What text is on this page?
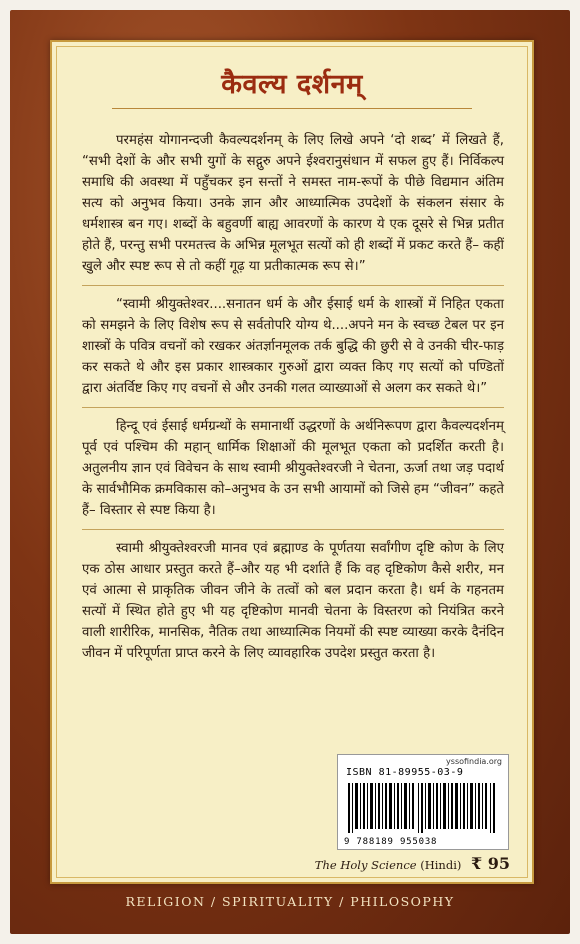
कैवल्य दर्शनम्

परमहंस योगानन्दजी कैवल्यदर्शनम् के लिए लिखे अपने ‘दो शब्द’ में लिखते हैं, “सभी देशों के और सभी युगों के सद्गुरु अपने ईश्वरानुसंधान में सफल हुए हैं। निर्विकल्प समाधि की अवस्था में पहुँचकर इन सन्तों ने समस्त नाम-रूपों के पीछे विद्यमान अंतिम सत्य को अनुभव किया। उनके ज्ञान और आध्यात्मिक उपदेशों के संकलन संसार के धर्मशास्त्र बन गए। शब्दों के बहुवर्णी बाह्य आवरणों के कारण ये एक दूसरे से भिन्न प्रतीत होते हैं, परन्तु सभी परमतत्त्व के अभिन्न मूलभूत सत्यों को ही शब्दों में प्रकट करते हैं– कहीं खुले और स्पष्ट रूप से तो कहीं गूढ़ या प्रतीकात्मक रूप से।”

“स्वामी श्रीयुक्तेश्वर....सनातन धर्म के और ईसाई धर्म के शास्त्रों में निहित एकता को समझने के लिए विशेष रूप से सर्वतोपरि योग्य थे....अपने मन के स्वच्छ टेबल पर इन शास्त्रों के पवित्र वचनों को रखकर अंतर्ज्ञानमूलक तर्क बुद्धि की छुरी से वे उनकी चीर-फाड़ कर सकते थे और इस प्रकार शास्त्रकार गुरुओं द्वारा व्यक्त किए गए सत्यों को पण्डितों द्वारा अंतर्विष्ट किए गए वचनों से और उनकी गलत व्याख्याओं से अलग कर सकते थे।”

हिन्दू एवं ईसाई धर्मग्रन्थों के समानार्थी उद्धरणों के अर्थनिरूपण द्वारा कैवल्यदर्शनम् पूर्व एवं पश्चिम की महान् धार्मिक शिक्षाओं की मूलभूत एकता को प्रदर्शित करती है। अतुलनीय ज्ञान एवं विवेचन के साथ स्वामी श्रीयुक्तेश्वरजी ने चेतना, ऊर्जा तथा जड़ पदार्थ के सार्वभौमिक क्रमविकास को–अनुभव के उन सभी आयामों को जिसे हम “जीवन” कहते हैं– विस्तार से स्पष्ट किया है।

स्वामी श्रीयुक्तेश्वरजी मानव एवं ब्रह्माण्ड के पूर्णतया सर्वांगीण दृष्टि कोण के लिए एक ठोस आधार प्रस्तुत करते हैं–और यह भी दर्शाते हैं कि वह दृष्टिकोण कैसे शरीर, मन एवं आत्मा से प्राकृतिक जीवन जीने के तत्वों को बल प्रदान करता है। धर्म के गहनतम सत्यों में स्थित होते हुए भी यह दृष्टिकोण मानवी चेतना के विस्तरण को नियंत्रित करने वाली शारीरिक, मानसिक, नैतिक तथा आध्यात्मिक नियमों की स्पष्ट व्याख्या करके दैनंदिन जीवन में परिपूर्णता प्राप्त करने के लिए व्यावहारिक उपदेश प्रस्तुत करता है।

yssofindia.org
ISBN 81-89955-03-9
9 788189 955038
The Holy Science (Hindi) ₹ 95
RELIGION / SPIRITUALITY / PHILOSOPHY
